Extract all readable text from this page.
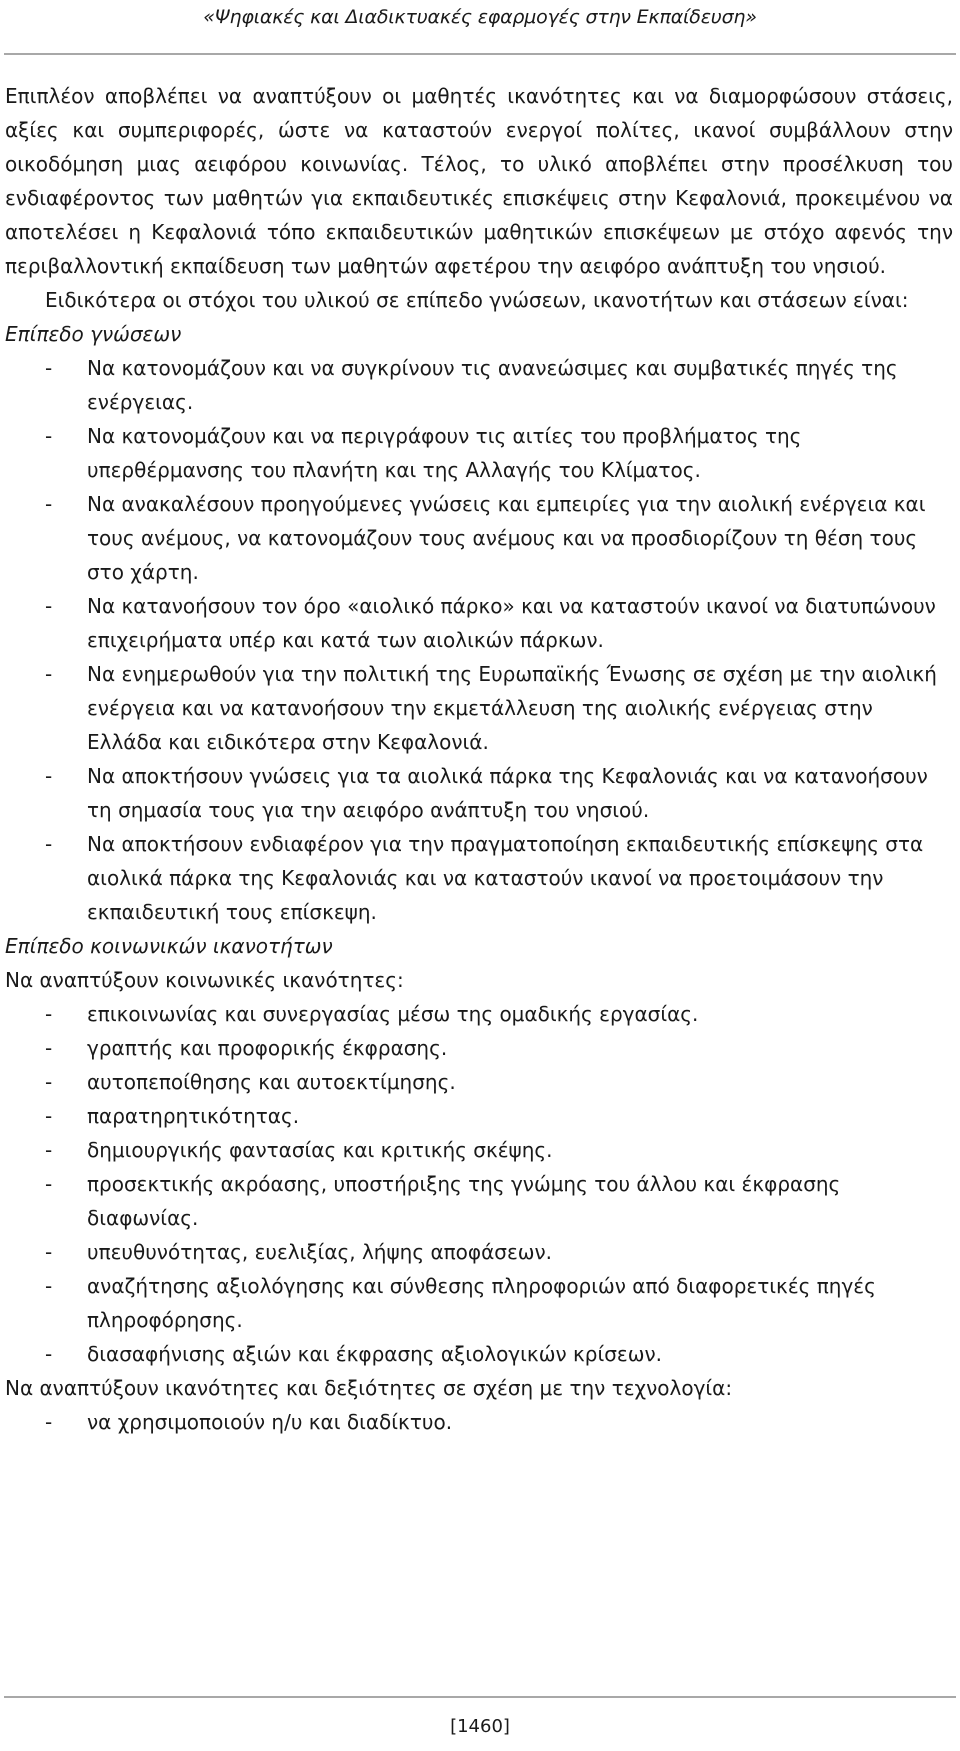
«Ψηφιακές και Διαδικτυακές εφαρμογές στην Εκπαίδευση»

Επιπλέον αποβλέπει να αναπτύξουν οι μαθητές ικανότητες και να διαμορφώσουν στάσεις, αξίες και συμπεριφορές, ώστε να καταστούν ενεργοί πολίτες, ικανοί συμβάλλουν στην οικοδόμηση μιας αειφόρου κοινωνίας. Τέλος, το υλικό αποβλέπει στην προσέλκυση του ενδιαφέροντος των μαθητών για εκπαιδευτικές επισκέψεις στην Κεφαλονιά, προκειμένου να αποτελέσει η Κεφαλονιά τόπο εκπαιδευτικών μαθητικών επισκέψεων με στόχο αφενός την περιβαλλοντική εκπαίδευση των μαθητών αφετέρου την αειφόρο ανάπτυξη του νησιού.

Ειδικότερα οι στόχοι του υλικού σε επίπεδο γνώσεων, ικανοτήτων και στάσεων είναι:

Επίπεδο γνώσεων

- Να κατονομάζουν και να συγκρίνουν τις ανανεώσιμες και συμβατικές πηγές της ενέργειας.
- Να κατονομάζουν και να περιγράφουν τις αιτίες του προβλήματος της υπερθέρμανσης του πλανήτη και της Αλλαγής του Κλίματος.
- Να ανακαλέσουν προηγούμενες γνώσεις και εμπειρίες για την αιολική ενέργεια και τους ανέμους, να κατονομάζουν τους ανέμους και να προσδιορίζουν τη θέση τους στο χάρτη.
- Να κατανοήσουν τον όρο «αιολικό πάρκο» και να καταστούν ικανοί να διατυπώνουν επιχειρήματα υπέρ και κατά των αιολικών πάρκων.
- Να ενημερωθούν για την πολιτική της Ευρωπαϊκής Ένωσης σε σχέση με την αιολική ενέργεια και να κατανοήσουν την εκμετάλλευση της αιολικής ενέργειας στην Ελλάδα και ειδικότερα στην Κεφαλονιά.
- Να αποκτήσουν γνώσεις για τα αιολικά πάρκα της Κεφαλονιάς και να κατανοήσουν τη σημασία τους για την αειφόρο ανάπτυξη του νησιού.
- Να αποκτήσουν ενδιαφέρον για την πραγματοποίηση εκπαιδευτικής επίσκεψης στα αιολικά πάρκα της Κεφαλονιάς και να καταστούν ικανοί να προετοιμάσουν την εκπαιδευτική τους επίσκεψη.

Επίπεδο κοινωνικών ικανοτήτων

Να αναπτύξουν κοινωνικές ικανότητες:

- επικοινωνίας και συνεργασίας μέσω της ομαδικής εργασίας.
- γραπτής και προφορικής έκφρασης.
- αυτοπεποίθησης και αυτοεκτίμησης.
- παρατηρητικότητας.
- δημιουργικής φαντασίας και κριτικής σκέψης.
- προσεκτικής ακρόασης, υποστήριξης της γνώμης του άλλου και έκφρασης διαφωνίας.
- υπευθυνότητας, ευελιξίας, λήψης αποφάσεων.
- αναζήτησης αξιολόγησης και σύνθεσης πληροφοριών από διαφορετικές πηγές πληροφόρησης.
- διασαφήνισης αξιών και έκφρασης αξιολογικών κρίσεων.

Να αναπτύξουν ικανότητες και δεξιότητες σε σχέση με την τεχνολογία:

- να χρησιμοποιούν η/υ και διαδίκτυο.
[1460]
